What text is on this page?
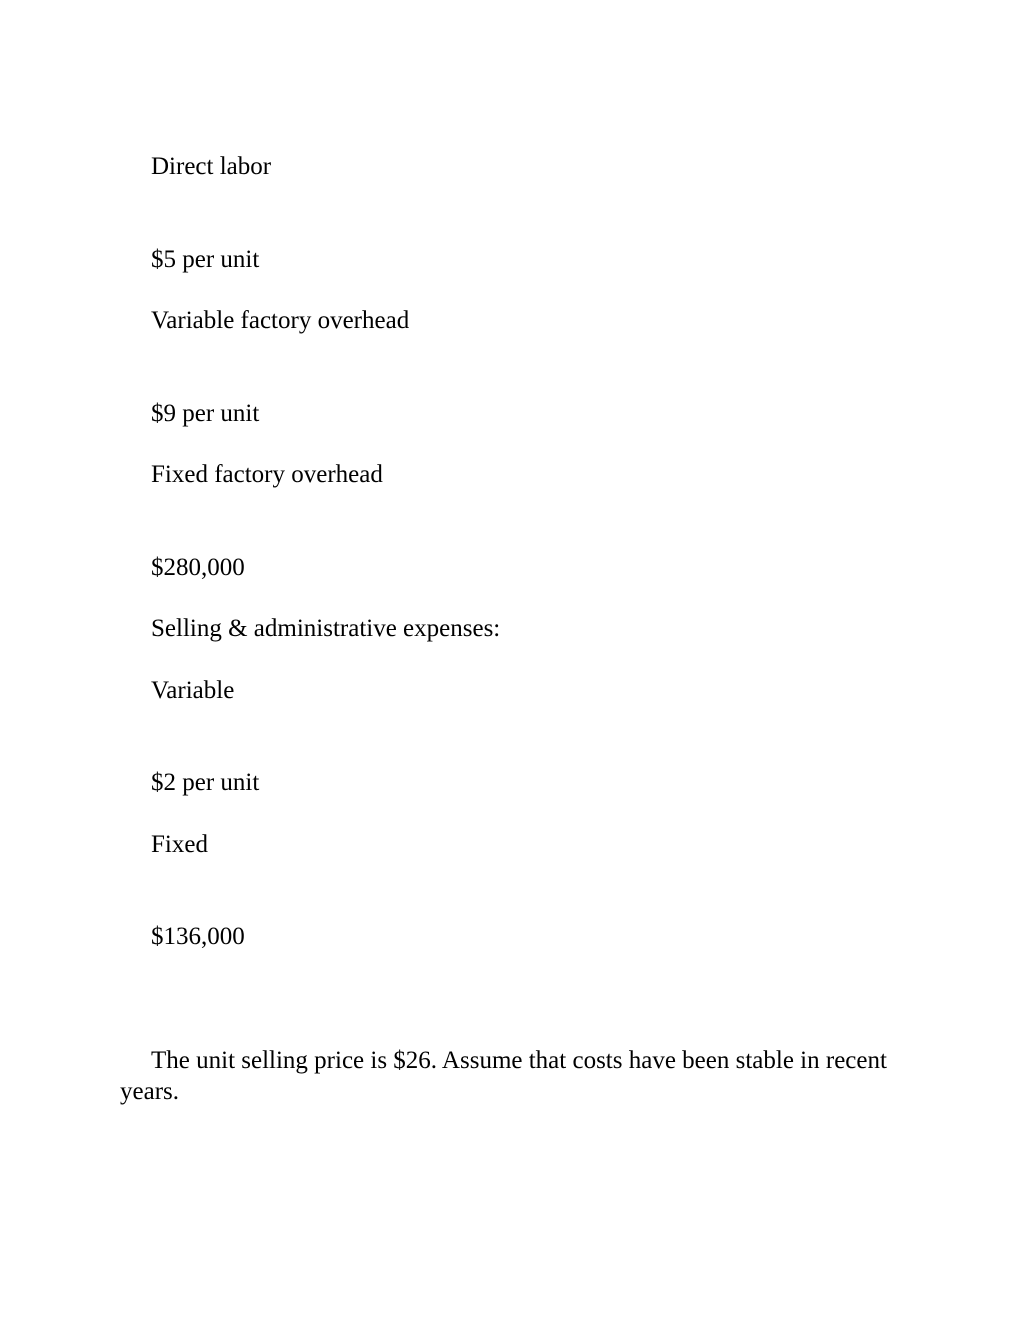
Direct labor
$5 per unit
Variable factory overhead
$9 per unit
Fixed factory overhead
$280,000
Selling & administrative expenses:
Variable
$2 per unit
Fixed
$136,000
The unit selling price is $26. Assume that costs have been stable in recent years.
